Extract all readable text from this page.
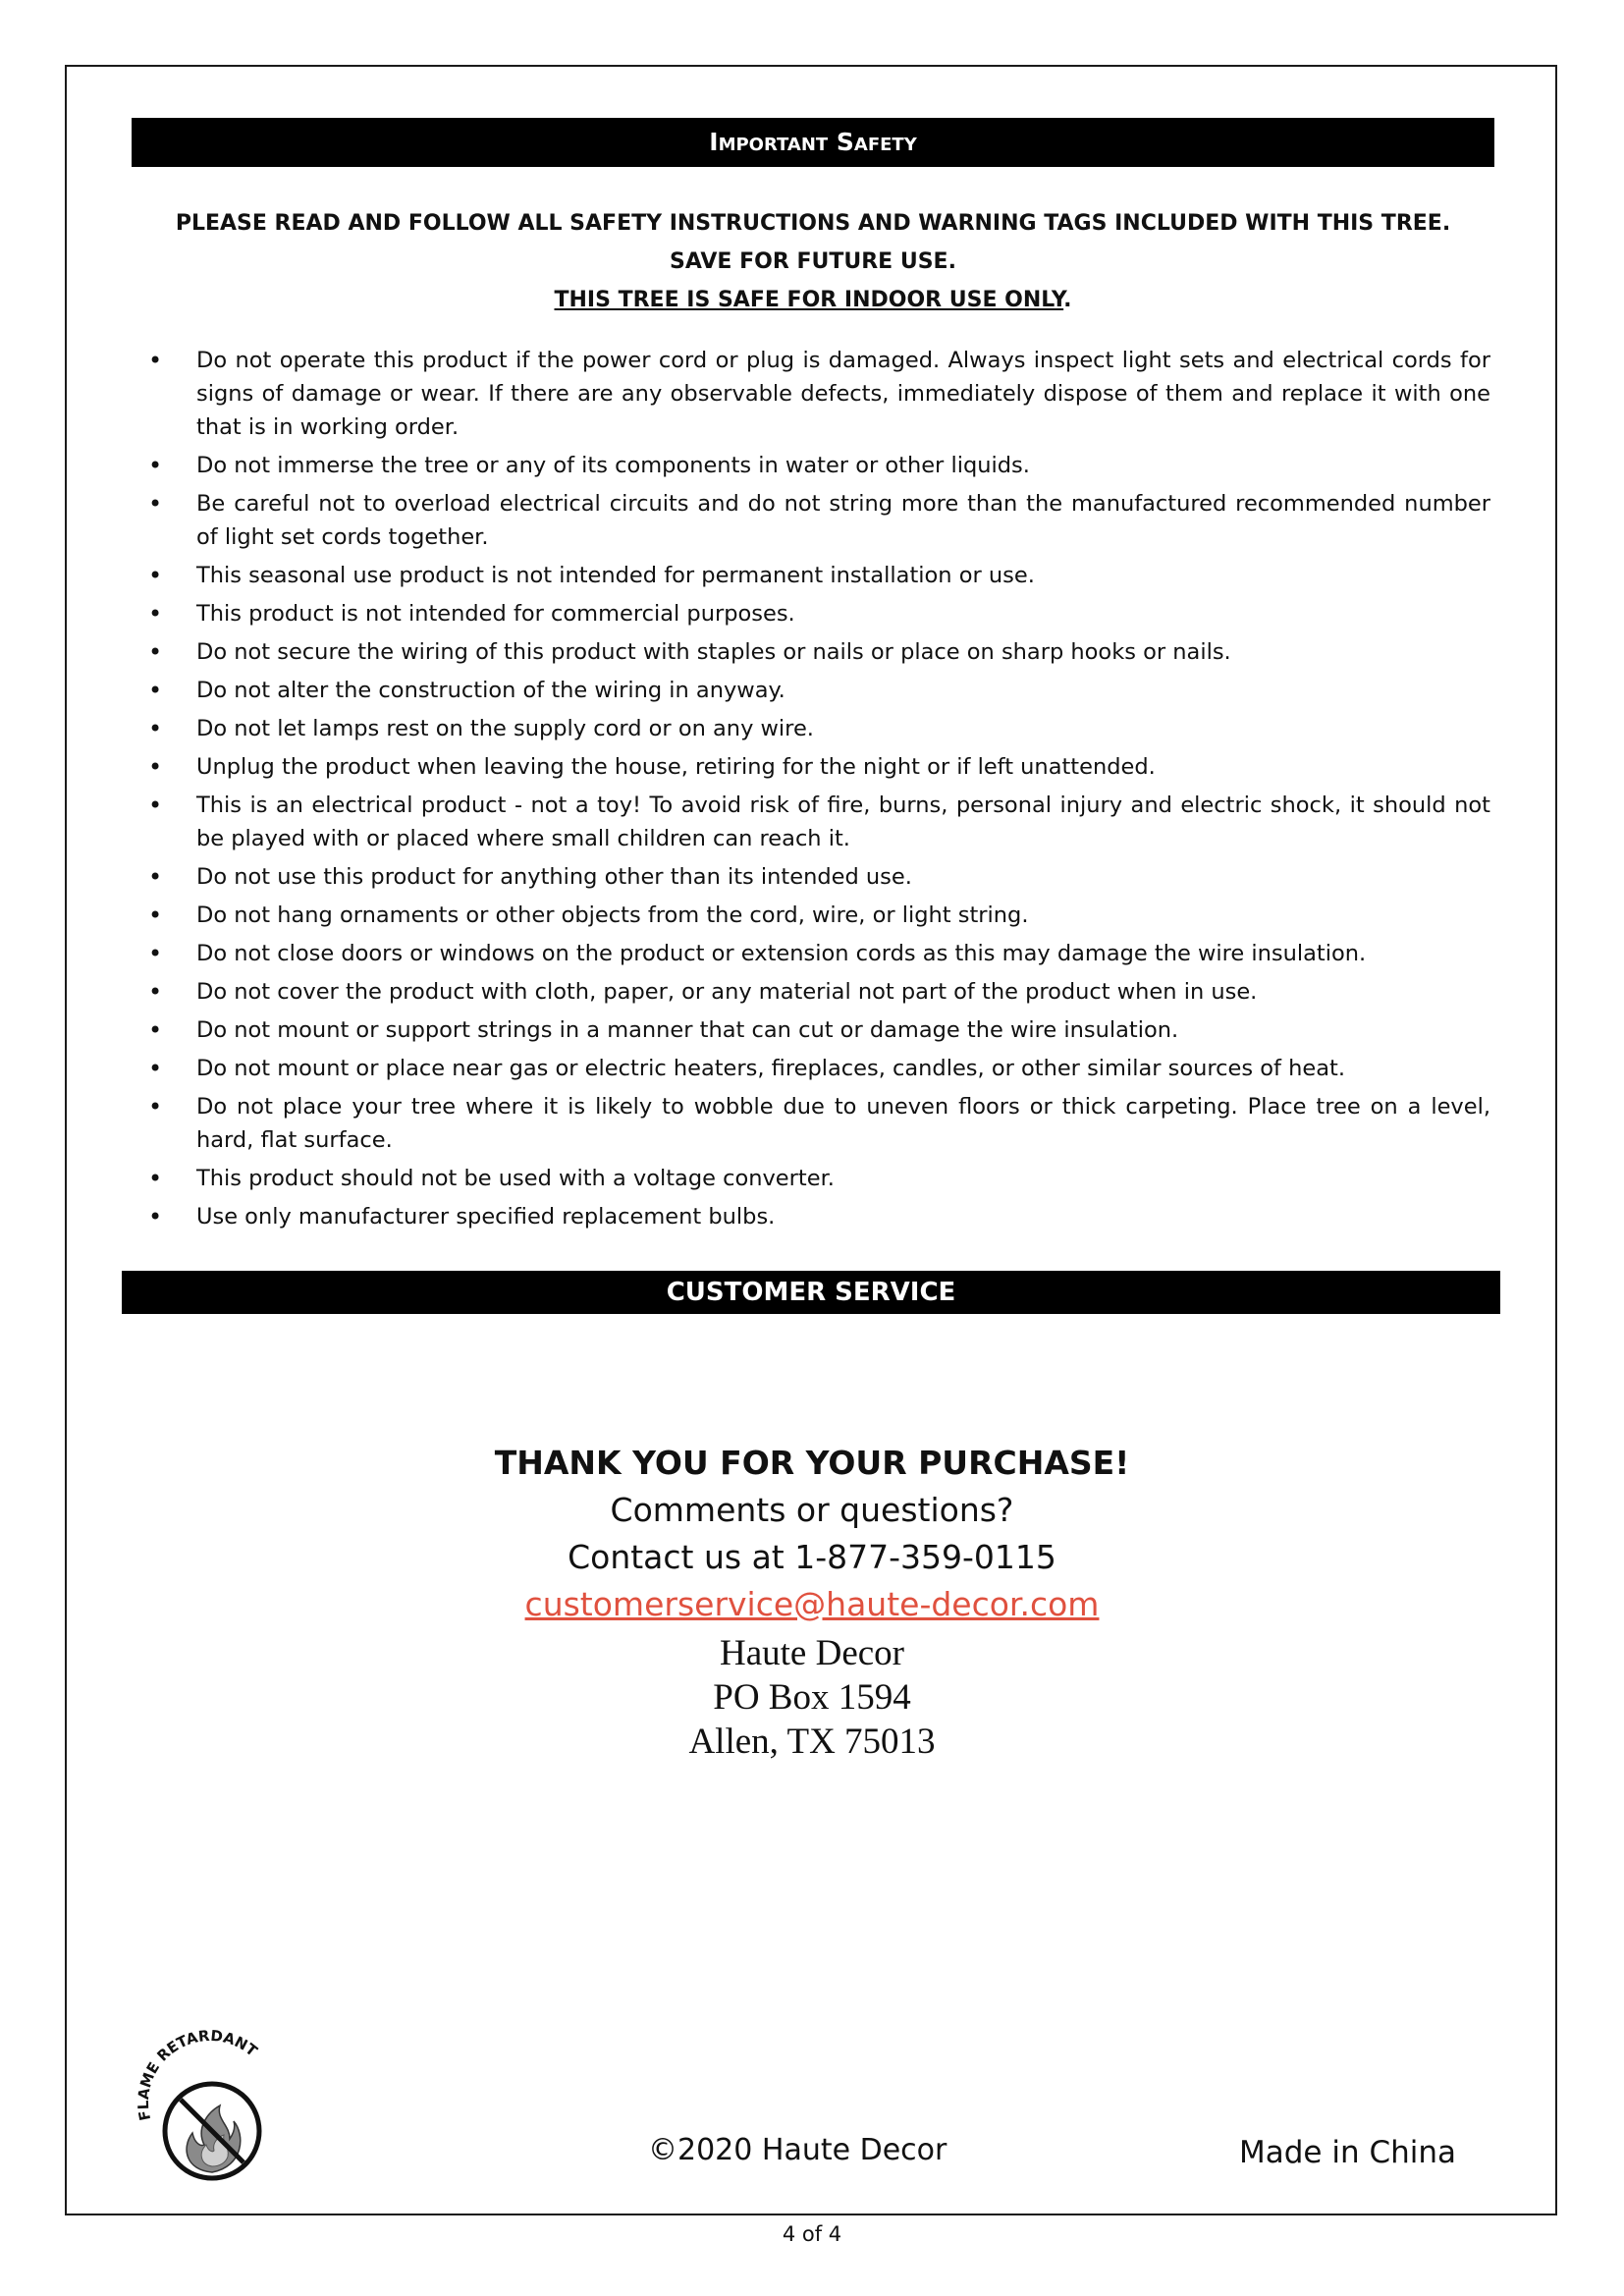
Important Safety
PLEASE READ AND FOLLOW ALL SAFETY INSTRUCTIONS AND WARNING TAGS INCLUDED WITH THIS TREE.
SAVE FOR FUTURE USE.
THIS TREE IS SAFE FOR INDOOR USE ONLY.
• Do not operate this product if the power cord or plug is damaged. Always inspect light sets and electrical cords for signs of damage or wear. If there are any observable defects, immediately dispose of them and replace it with one that is in working order.
• Do not immerse the tree or any of its components in water or other liquids.
• Be careful not to overload electrical circuits and do not string more than the manufactured recommended number of light set cords together.
• This seasonal use product is not intended for permanent installation or use.
• This product is not intended for commercial purposes.
• Do not secure the wiring of this product with staples or nails or place on sharp hooks or nails.
• Do not alter the construction of the wiring in anyway.
• Do not let lamps rest on the supply cord or on any wire.
• Unplug the product when leaving the house, retiring for the night or if left unattended.
• This is an electrical product - not a toy! To avoid risk of fire, burns, personal injury and electric shock, it should not be played with or placed where small children can reach it.
• Do not use this product for anything other than its intended use.
• Do not hang ornaments or other objects from the cord, wire, or light string.
• Do not close doors or windows on the product or extension cords as this may damage the wire insulation.
• Do not cover the product with cloth, paper, or any material not part of the product when in use.
• Do not mount or support strings in a manner that can cut or damage the wire insulation.
• Do not mount or place near gas or electric heaters, fireplaces, candles, or other similar sources of heat.
• Do not place your tree where it is likely to wobble due to uneven floors or thick carpeting. Place tree on a level, hard, flat surface.
• This product should not be used with a voltage converter.
• Use only manufacturer specified replacement bulbs.
CUSTOMER SERVICE
THANK YOU FOR YOUR PURCHASE!
Comments or questions?
Contact us at 1-877-359-0115
customerservice@haute-decor.com
Haute Decor
PO Box 1594
Allen, TX 75013
FLAME RETARDANT
©2020 Haute Decor	Made in China
4 of 4
